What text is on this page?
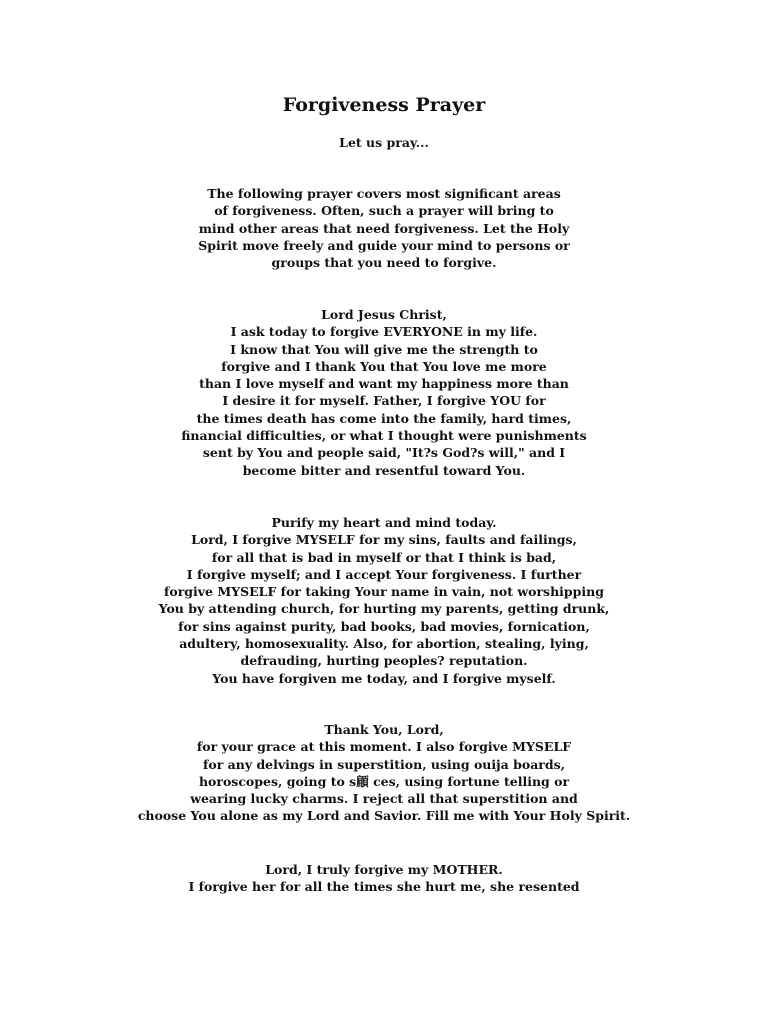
Forgiveness Prayer

Let us pray...

The following prayer covers most significant areas
of forgiveness. Often, such a prayer will bring to
mind other areas that need forgiveness. Let the Holy
Spirit move freely and guide your mind to persons or
groups that you need to forgive.

Lord Jesus Christ,
I ask today to forgive EVERYONE in my life.
I know that You will give me the strength to
forgive and I thank You that You love me more
than I love myself and want my happiness more than
I desire it for myself. Father, I forgive YOU for
the times death has come into the family, hard times,
financial difficulties, or what I thought were punishments
sent by You and people said, "It?s God?s will," and I
become bitter and resentful toward You.

Purify my heart and mind today.
Lord, I forgive MYSELF for my sins, faults and failings,
for all that is bad in myself or that I think is bad,
I forgive myself; and I accept Your forgiveness. I further
forgive MYSELF for taking Your name in vain, not worshipping
You by attending church, for hurting my parents, getting drunk,
for sins against purity, bad books, bad movies, fornication,
adultery, homosexuality. Also, for abortion, stealing, lying,
defrauding, hurting peoples? reputation.
You have forgiven me today, and I forgive myself.

Thank You, Lord,
for your grace at this moment. I also forgive MYSELF
for any delvings in superstition, using ouija boards,
horoscopes, going to s顅 ces, using fortune telling or
wearing lucky charms. I reject all that superstition and
choose You alone as my Lord and Savior. Fill me with Your Holy Spirit.

Lord, I truly forgive my MOTHER.
I forgive her for all the times she hurt me, she resented
